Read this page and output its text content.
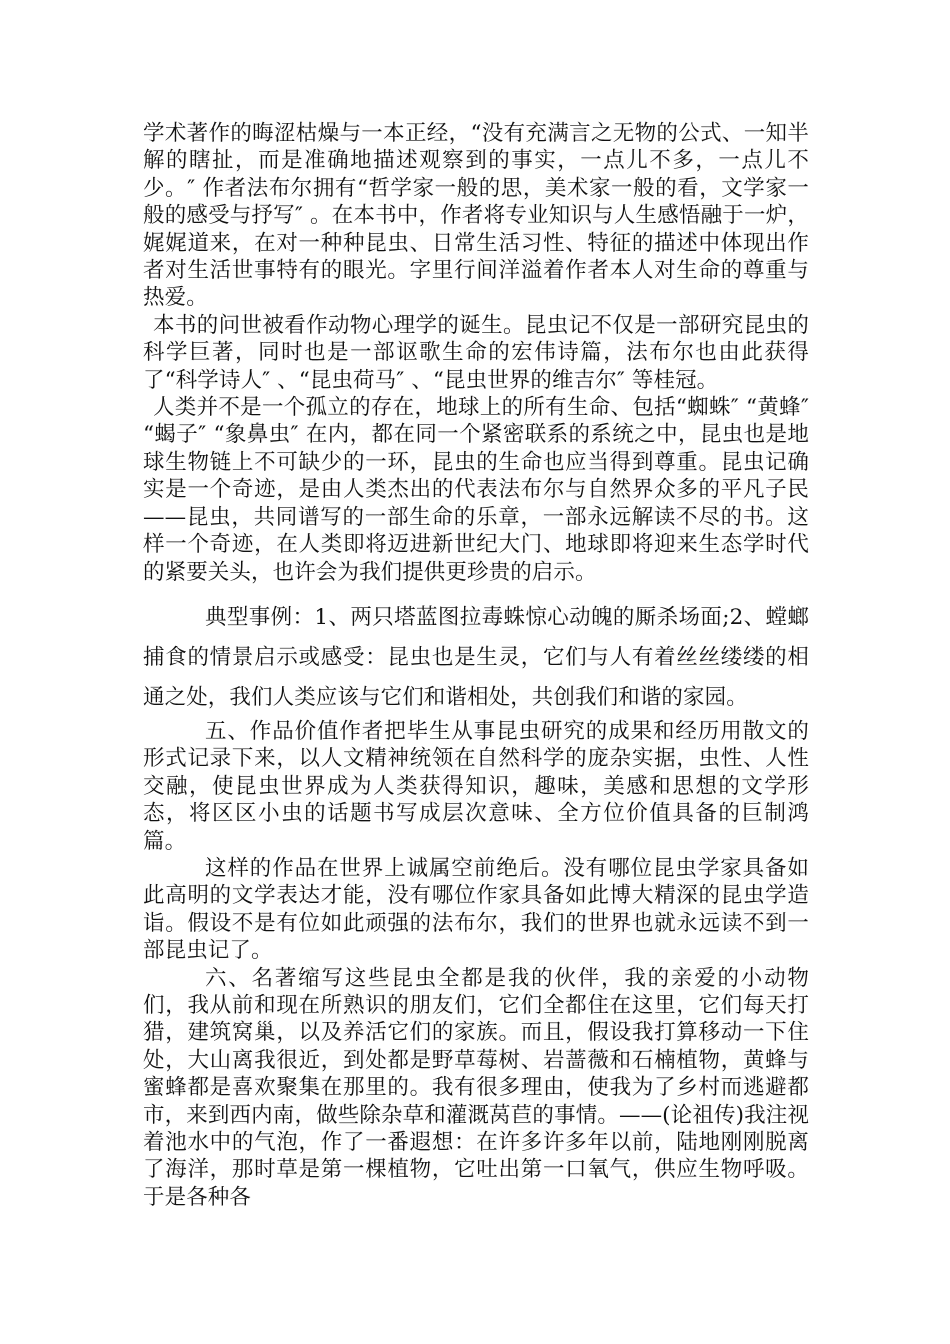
学术著作的晦涩枯燥与一本正经，“没有充满言之无物的公式、一知半解的瞎扯，而是准确地描述观察到的事实，一点儿不多，一点儿不少。″ 作者法布尔拥有“哲学家一般的思，美术家一般的看，文学家一般的感受与抒写″ 。在本书中，作者将专业知识与人生感悟融于一炉，娓娓道来，在对一种种昆虫、日常生活习性、特征的描述中体现出作者对生活世事特有的眼光。字里行间洋溢着作者本人对生命的尊重与热爱。

本书的问世被看作动物心理学的诞生。昆虫记不仅是一部研究昆虫的科学巨著，同时也是一部讴歌生命的宏伟诗篇，法布尔也由此获得了“科学诗人″ 、“昆虫荷马″ 、“昆虫世界的维吉尔″ 等桂冠。

人类并不是一个孤立的存在，地球上的所有生命、包括“蜘蛛″ “黄蜂″ “蝎子″ “象鼻虫″ 在内，都在同一个紧密联系的系统之中，昆虫也是地球生物链上不可缺少的一环，昆虫的生命也应当得到尊重。昆虫记确实是一个奇迹，是由人类杰出的代表法布尔与自然界众多的平凡子民——昆虫，共同谱写的一部生命的乐章，一部永远解读不尽的书。这样一个奇迹，在人类即将迈进新世纪大门、地球即将迎来生态学时代的紧要关头，也许会为我们提供更珍贵的启示。

典型事例：1、两只塔蓝图拉毒蛛惊心动魄的厮杀场面;2、螳螂捕食的情景启示或感受：昆虫也是生灵，它们与人有着丝丝缕缕的相通之处，我们人类应该与它们和谐相处，共创我们和谐的家园。

五、作品价值作者把毕生从事昆虫研究的成果和经历用散文的形式记录下来，以人文精神统领在自然科学的庞杂实据，虫性、人性交融，使昆虫世界成为人类获得知识，趣味，美感和思想的文学形态，将区区小虫的话题书写成层次意味、全方位价值具备的巨制鸿篇。

这样的作品在世界上诚属空前绝后。没有哪位昆虫学家具备如此高明的文学表达才能，没有哪位作家具备如此博大精深的昆虫学造诣。假设不是有位如此顽强的法布尔，我们的世界也就永远读不到一部昆虫记了。

六、名著缩写这些昆虫全都是我的伙伴，我的亲爱的小动物们，我从前和现在所熟识的朋友们，它们全都住在这里，它们每天打猎，建筑窝巢，以及养活它们的家族。而且，假设我打算移动一下住处，大山离我很近，到处都是野草莓树、岩蔷薇和石楠植物，黄蜂与蜜蜂都是喜欢聚集在那里的。我有很多理由，使我为了乡村而逃避都市，来到西内南，做些除杂草和灌溉莴苣的事情。——(论祖传)我注视着池水中的气泡，作了一番遐想：在许多许多年以前，陆地刚刚脱离了海洋，那时草是第一棵植物，它吐出第一口氧气，供应生物呼吸。于是各种各
